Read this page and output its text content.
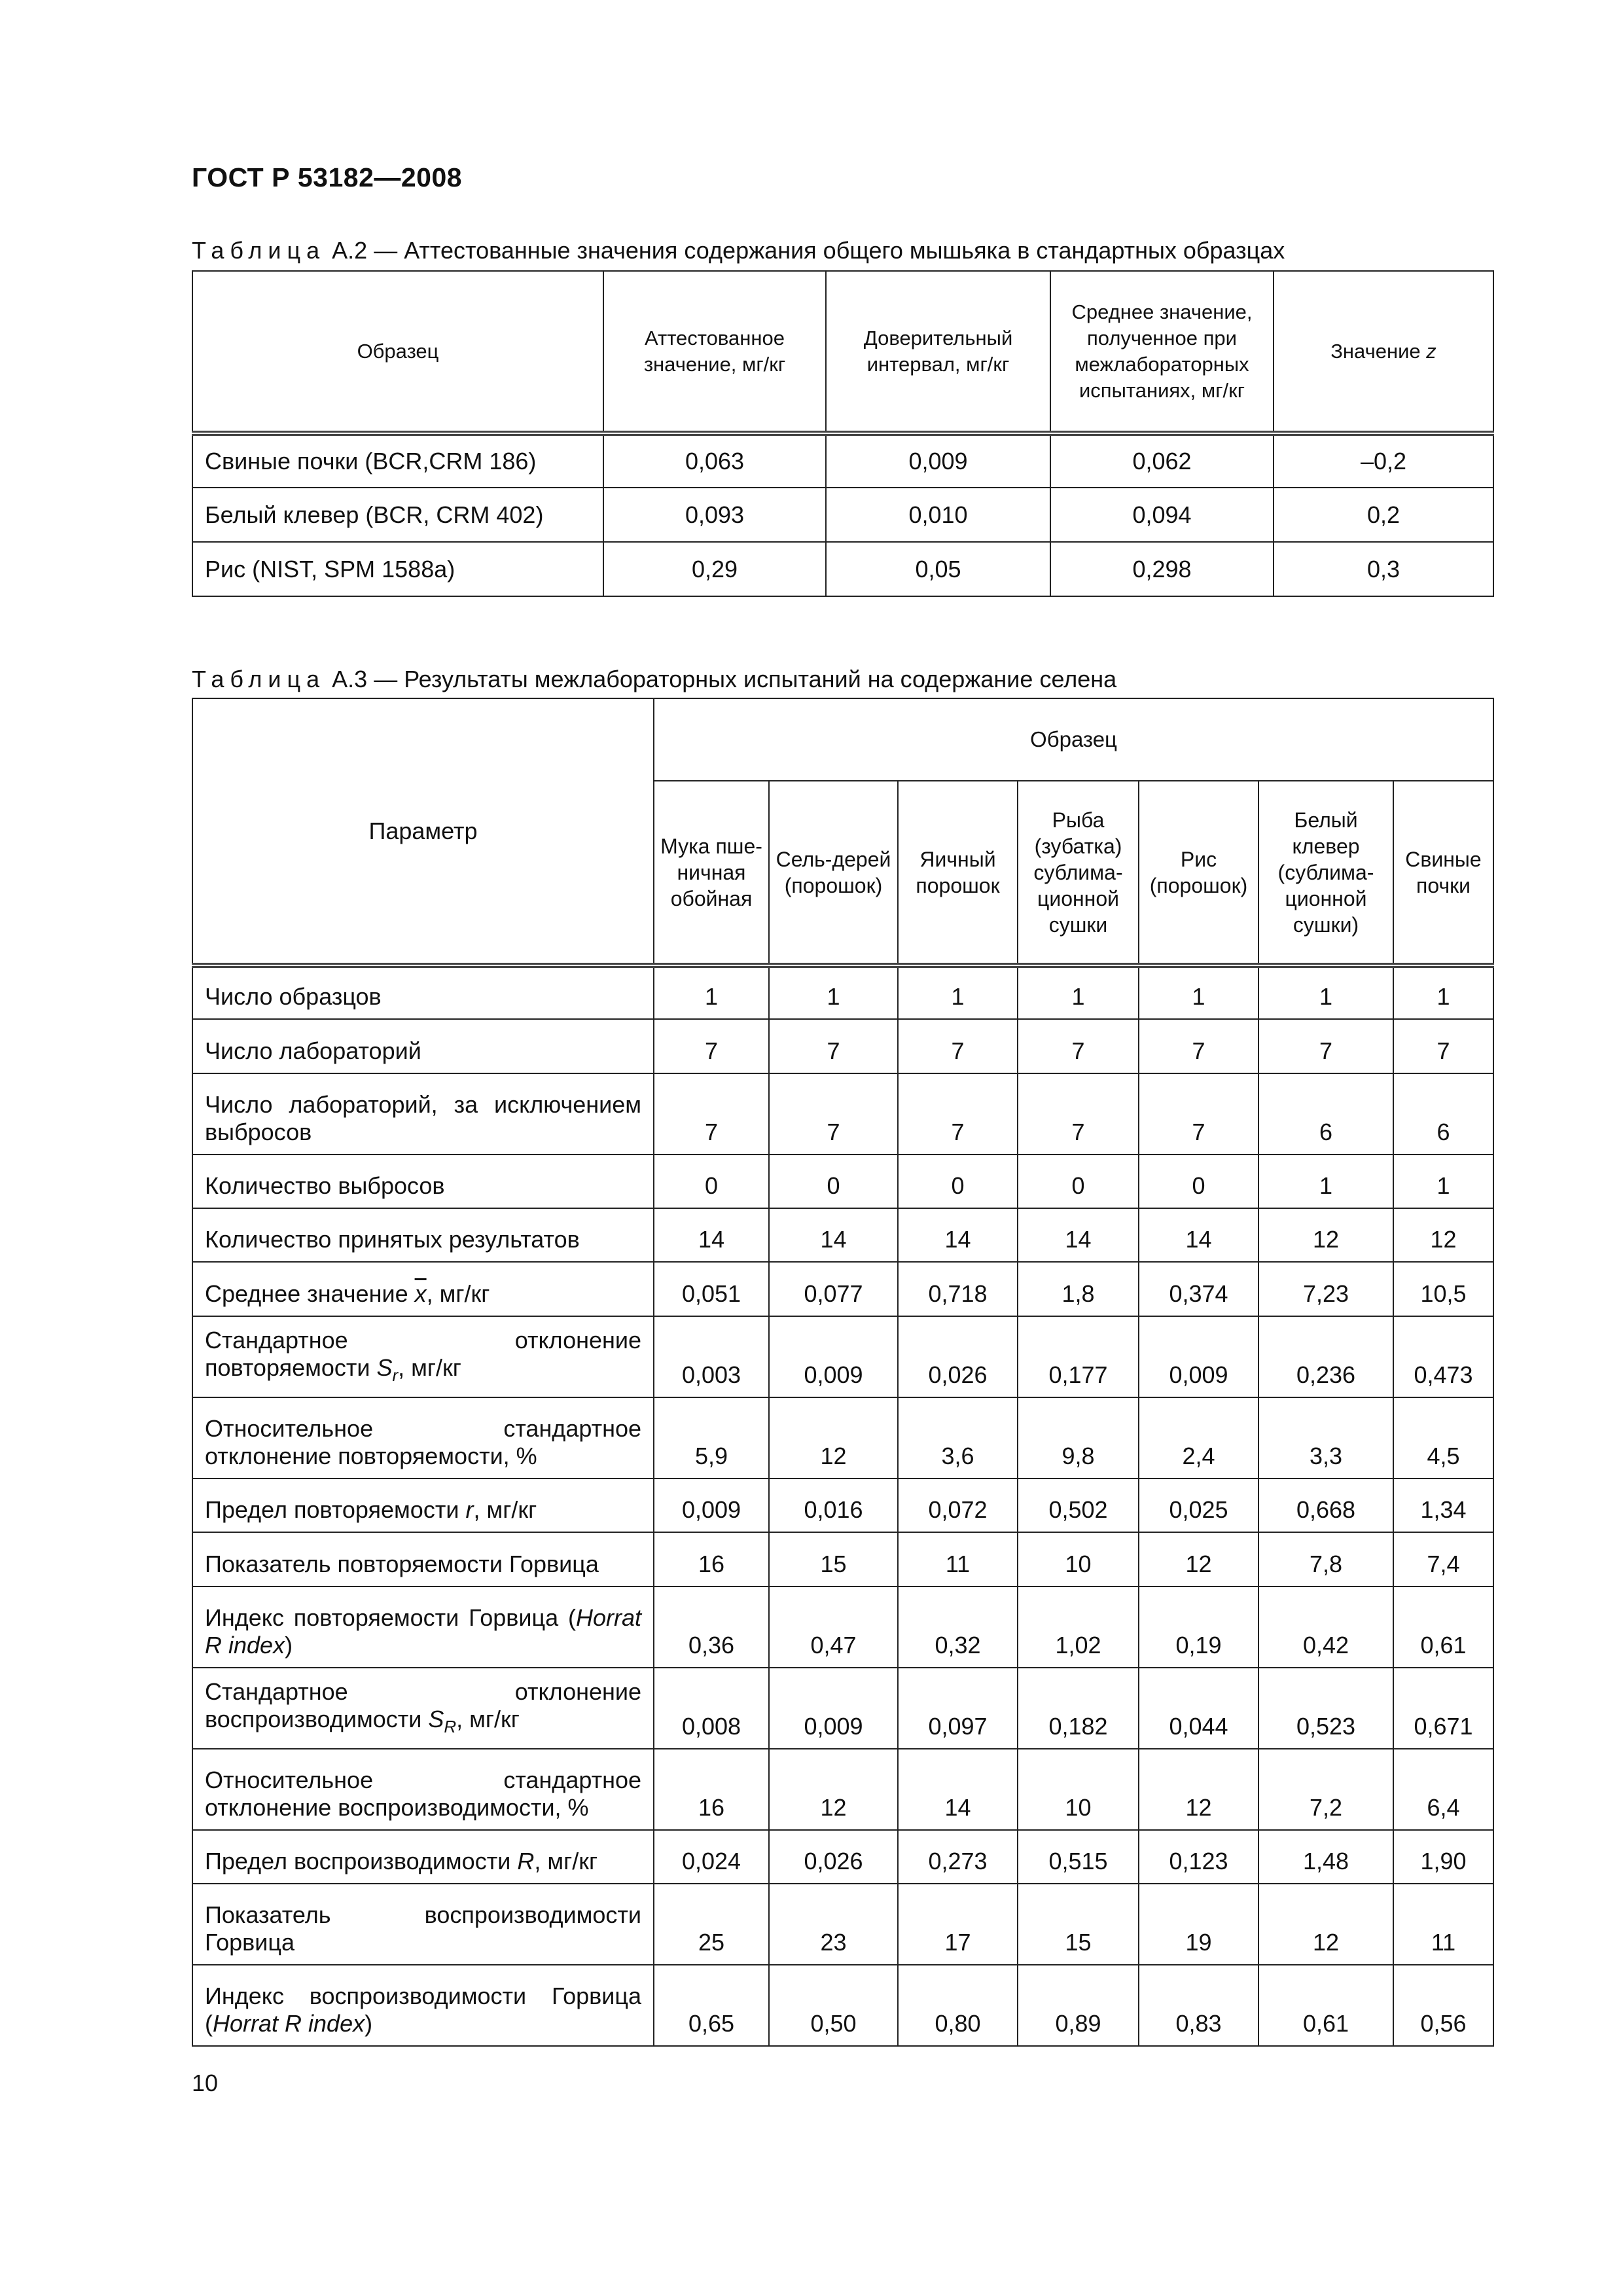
ГОСТ Р 53182—2008
Таблица А.2 — Аттестованные значения содержания общего мышьяка в стандартных образцах
Образец	Аттестованное значение, мг/кг	Доверительный интервал, мг/кг	Среднее значение, полученное при межлабораторных испытаниях, мг/кг	Значение z
Свиные почки (BCR,CRM 186)	0,063	0,009	0,062	–0,2
Белый клевер (BCR, CRM 402)	0,093	0,010	0,094	0,2
Рис (NIST, SPM 1588a)	0,29	0,05	0,298	0,3
Таблица А.3 — Результаты межлабораторных испытаний на содержание селена
Параметр	Образец						
	Мука пше-ничная обойная	Сель-дерей (порошок)	Яичный порошок	Рыба (зубатка) сублима-ционной сушки	Рис (порошок)	Белый клевер (сублима-ционной сушки)	Свиные почки
Число образцов	1	1	1	1	1	1	1
Число лабораторий	7	7	7	7	7	7	7
Число лабораторий, за исключением выбросов	7	7	7	7	7	6	6
Количество выбросов	0	0	0	0	0	1	1
Количество принятых результатов	14	14	14	14	14	12	12
Среднее значение $\overline{x}$, мг/кг	0,051	0,077	0,718	1,8	0,374	7,23	10,5
Стандартное отклонение повторяемости $S_r$, мг/кг	0,003	0,009	0,026	0,177	0,009	0,236	0,473
Относительное стандартное отклонение повторяемости, %	5,9	12	3,6	9,8	2,4	3,3	4,5
Предел повторяемости r, мг/кг	0,009	0,016	0,072	0,502	0,025	0,668	1,34
Показатель повторяемости Горвица	16	15	11	10	12	7,8	7,4
Индекс повторяемости Горвица (Horrat R index)	0,36	0,47	0,32	1,02	0,19	0,42	0,61
Стандартное отклонение воспроизводимости $S_R$, мг/кг	0,008	0,009	0,097	0,182	0,044	0,523	0,671
Относительное стандартное отклонение воспроизводимости, %	16	12	14	10	12	7,2	6,4
Предел воспроизводимости R, мг/кг	0,024	0,026	0,273	0,515	0,123	1,48	1,90
Показатель воспроизводимости Горвица	25	23	17	15	19	12	11
Индекс воспроизводимости Горвица (Horrat R index)	0,65	0,50	0,80	0,89	0,83	0,61	0,56
10
